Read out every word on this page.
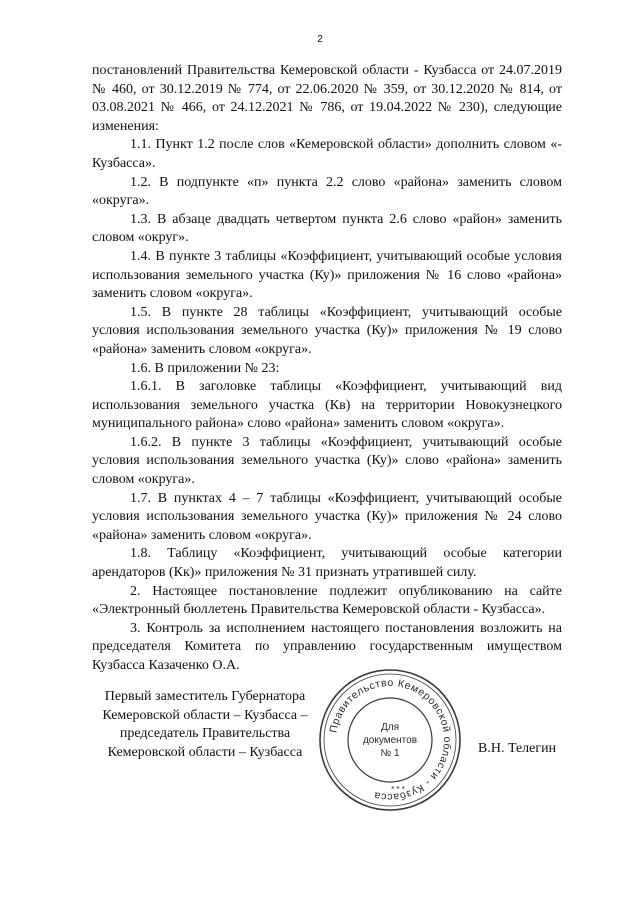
2

постановлений Правительства Кемеровской области - Кузбасса от 24.07.2019 № 460, от 30.12.2019 № 774, от 22.06.2020 № 359, от 30.12.2020 № 814, от 03.08.2021 № 466, от 24.12.2021 № 786, от 19.04.2022 № 230), следующие изменения:

1.1. Пункт 1.2 после слов «Кемеровской области» дополнить словом «- Кузбасса».

1.2. В подпункте «п» пункта 2.2 слово «района» заменить словом «округа».

1.3. В абзаце двадцать четвертом пункта 2.6 слово «район» заменить словом «округ».

1.4. В пункте 3 таблицы «Коэффициент, учитывающий особые условия использования земельного участка (Ку)» приложения № 16 слово «района» заменить словом «округа».

1.5. В пункте 28 таблицы «Коэффициент, учитывающий особые условия использования земельного участка (Ку)» приложения № 19 слово «района» заменить словом «округа».

1.6. В приложении № 23:

1.6.1. В заголовке таблицы «Коэффициент, учитывающий вид использования земельного участка (Кв) на территории Новокузнецкого муниципального района» слово «района» заменить словом «округа».

1.6.2. В пункте 3 таблицы «Коэффициент, учитывающий особые условия использования земельного участка (Ку)» слово «района» заменить словом «округа».

1.7. В пунктах 4 – 7 таблицы «Коэффициент, учитывающий особые условия использования земельного участка (Ку)» приложения № 24 слово «района» заменить словом «округа».

1.8. Таблицу «Коэффициент, учитывающий особые категории арендаторов (Кк)» приложения № 31 признать утратившей силу.

2. Настоящее постановление подлежит опубликованию на сайте «Электронный бюллетень Правительства Кемеровской области - Кузбасса».

3. Контроль за исполнением настоящего постановления возложить на председателя Комитета по управлению государственным имуществом Кузбасса Казаченко О.А.

Первый заместитель Губернатора
Кемеровской области – Кузбасса –
председатель Правительства
Кемеровской области – Кузбасса	В.Н. Телегин
Правительство Кемеровской области - Кузбасса
Для
документов
№ 1
* * *
